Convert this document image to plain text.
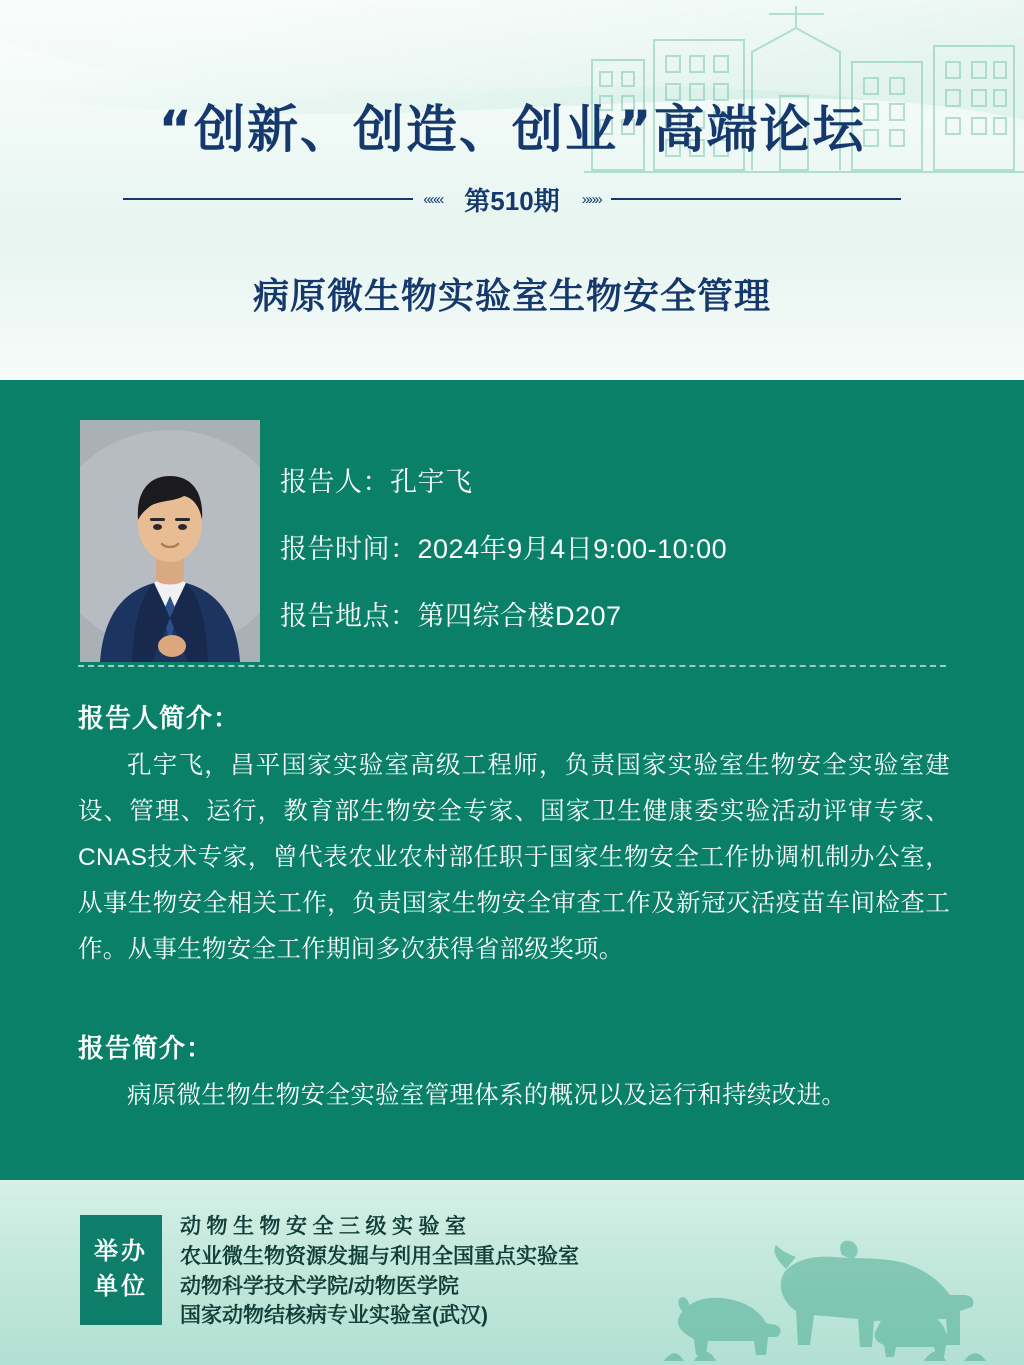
“创新、创造、创业”高端论坛
««« 第510期	»»»
病原微生物实验室生物安全管理
报告人：孔宇飞
报告时间：2024年9月4日9:00-10:00
报告地点：第四综合楼D207
报告人简介：
孔宇飞，昌平国家实验室高级工程师，负责国家实验室生物安全实验室建设、管理、运行，教育部生物安全专家、国家卫生健康委实验活动评审专家、CNAS技术专家，曾代表农业农村部任职于国家生物安全工作协调机制办公室，从事生物安全相关工作，负责国家生物安全审查工作及新冠灭活疫苗车间检查工作。从事生物安全工作期间多次获得省部级奖项。
报告简介：
病原微生物生物安全实验室管理体系的概况以及运行和持续改进。
举办
单位
动物生物安全三级实验室
农业微生物资源发掘与利用全国重点实验室
动物科学技术学院/动物医学院
国家动物结核病专业实验室(武汉)
